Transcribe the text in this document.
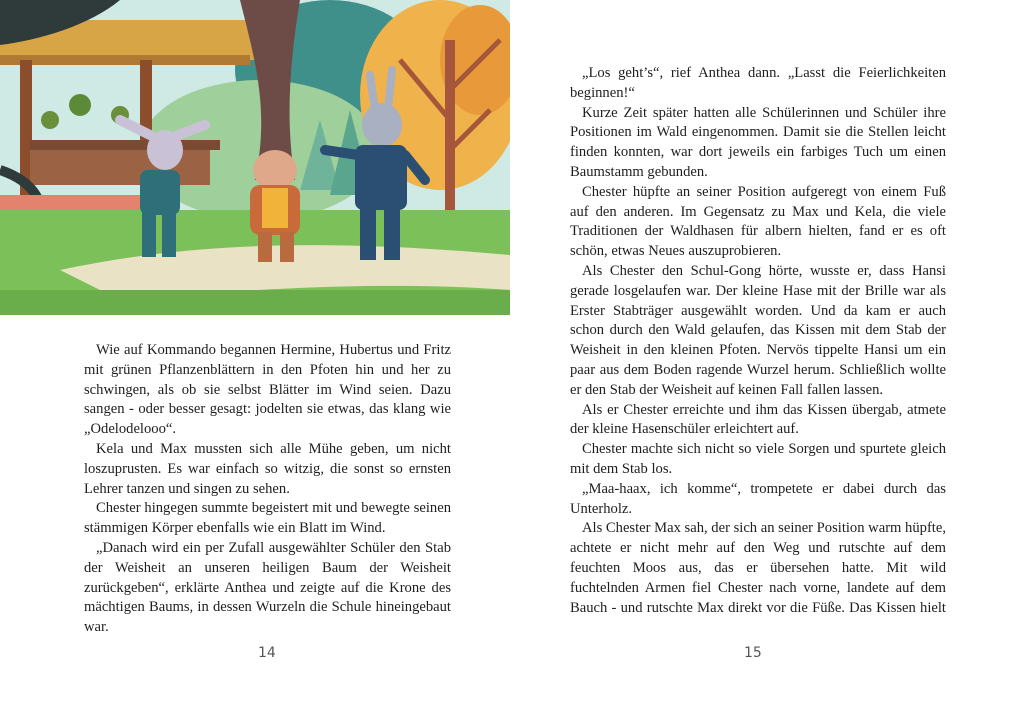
Wie auf Kommando begannen Hermine, Hubertus und Fritz mit grünen Pflanzenblättern in den Pfoten hin und her zu schwingen, als ob sie selbst Blätter im Wind seien. Dazu sangen - oder besser gesagt: jodelten sie etwas, das klang wie „Odelodelooo“.

Kela und Max mussten sich alle Mühe geben, um nicht loszuprusten. Es war einfach so witzig, die sonst so ernsten Lehrer tanzen und singen zu sehen.

Chester hingegen summte begeistert mit und bewegte seinen stämmigen Körper ebenfalls wie ein Blatt im Wind.

„Danach wird ein per Zufall ausgewählter Schüler den Stab der Weisheit an unseren heiligen Baum der Weisheit zurückgeben“, erklärte Anthea und zeigte auf die Krone des mächtigen Baums, in dessen Wurzeln die Schule hineingebaut war.

14

„Los geht’s“, rief Anthea dann. „Lasst die Feierlichkeiten beginnen!“

Kurze Zeit später hatten alle Schülerinnen und Schüler ihre Positionen im Wald eingenommen. Damit sie die Stellen leicht finden konnten, war dort jeweils ein farbiges Tuch um einen Baumstamm gebunden.

Chester hüpfte an seiner Position aufgeregt von einem Fuß auf den anderen. Im Gegensatz zu Max und Kela, die viele Traditionen der Waldhasen für albern hielten, fand er es oft schön, etwas Neues auszuprobieren.

Als Chester den Schul-Gong hörte, wusste er, dass Hansi gerade losgelaufen war. Der kleine Hase mit der Brille war als Erster Stabträger ausgewählt worden. Und da kam er auch schon durch den Wald gelaufen, das Kissen mit dem Stab der Weisheit in den kleinen Pfoten. Nervös tippelte Hansi um ein paar aus dem Boden ragende Wurzel herum. Schließlich wollte er den Stab der Weisheit auf keinen Fall fallen lassen.

Als er Chester erreichte und ihm das Kissen übergab, atmete der kleine Hasenschüler erleichtert auf.

Chester machte sich nicht so viele Sorgen und spurtete gleich mit dem Stab los.

„Maa-haax, ich komme“, trompetete er dabei durch das Unterholz.

Als Chester Max sah, der sich an seiner Position warm hüpfte, achtete er nicht mehr auf den Weg und rutschte auf dem feuchten Moos aus, das er übersehen hatte. Mit wild fuchtelnden Armen fiel Chester nach vorne, landete auf dem Bauch - und rutschte Max direkt vor die Füße. Das Kissen hielt

15
